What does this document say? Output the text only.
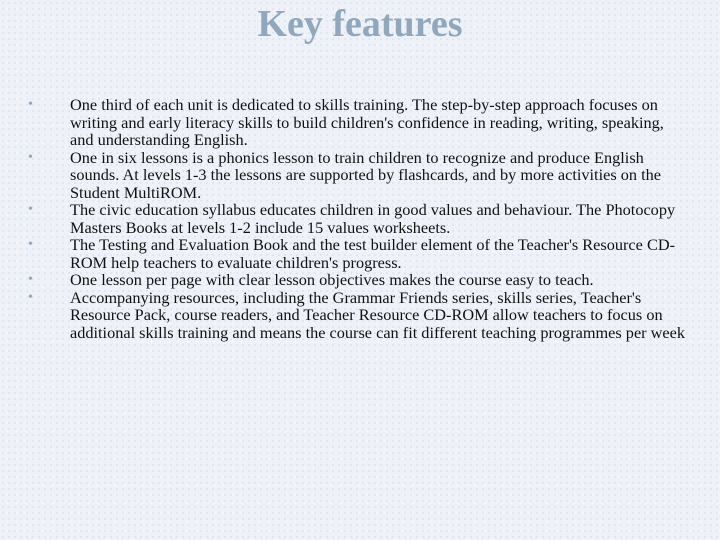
Key features
•	One third of each unit is dedicated to skills training. The step-by-step approach focuses on writing and early literacy skills to build children's confidence in reading, writing, speaking, and understanding English.
•	One in six lessons is a phonics lesson to train children to recognize and produce English sounds. At levels 1-3 the lessons are supported by flashcards, and by more activities on the Student MultiROM.
•	The civic education syllabus educates children in good values and behaviour. The Photocopy Masters Books at levels 1-2 include 15 values worksheets.
•	The Testing and Evaluation Book and the test builder element of the Teacher's Resource CD-ROM help teachers to evaluate children's progress.
•	One lesson per page with clear lesson objectives makes the course easy to teach.
•	Accompanying resources, including the Grammar Friends series, skills series, Teacher's Resource Pack, course readers, and Teacher Resource CD-ROM allow teachers to focus on additional skills training and means the course can fit different teaching programmes per week
